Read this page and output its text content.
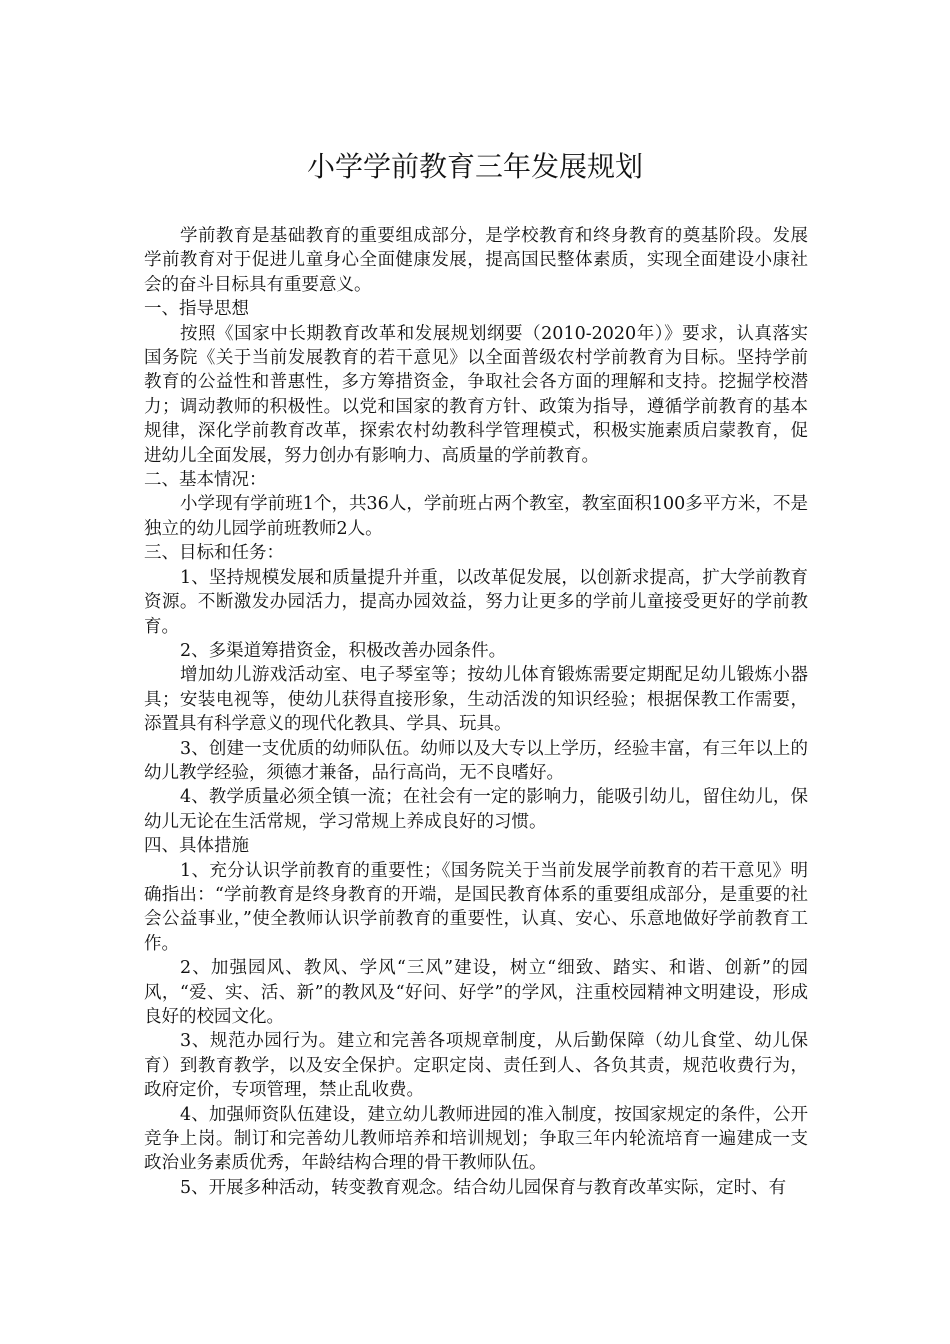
小学学前教育三年发展规划

学前教育是基础教育的重要组成部分，是学校教育和终身教育的奠基阶段。发展学前教育对于促进儿童身心全面健康发展，提高国民整体素质，实现全面建设小康社会的奋斗目标具有重要意义。

一、指导思想

按照《国家中长期教育改革和发展规划纲要（2010-2020年）》要求，认真落实国务院《关于当前发展教育的若干意见》以全面普级农村学前教育为目标。坚持学前教育的公益性和普惠性，多方筹措资金，争取社会各方面的理解和支持。挖掘学校潜力；调动教师的积极性。以党和国家的教育方针、政策为指导，遵循学前教育的基本规律，深化学前教育改革，探索农村幼教科学管理模式，积极实施素质启蒙教育，促进幼儿全面发展，努力创办有影响力、高质量的学前教育。

二、基本情况：

小学现有学前班1个，共36人，学前班占两个教室，教室面积100多平方米，不是独立的幼儿园学前班教师2人。

三、目标和任务：

1、坚持规模发展和质量提升并重，以改革促发展，以创新求提高，扩大学前教育资源。不断激发办园活力，提高办园效益，努力让更多的学前儿童接受更好的学前教育。

2、多渠道筹措资金，积极改善办园条件。

增加幼儿游戏活动室、电子琴室等；按幼儿体育锻炼需要定期配足幼儿锻炼小器具；安装电视等，使幼儿获得直接形象，生动活泼的知识经验；根据保教工作需要，添置具有科学意义的现代化教具、学具、玩具。

3、创建一支优质的幼师队伍。幼师以及大专以上学历，经验丰富，有三年以上的幼儿教学经验，须德才兼备，品行高尚，无不良嗜好。

4、教学质量必须全镇一流；在社会有一定的影响力，能吸引幼儿，留住幼儿，保幼儿无论在生活常规，学习常规上养成良好的习惯。

四、具体措施

1、充分认识学前教育的重要性；《国务院关于当前发展学前教育的若干意见》明确指出：“学前教育是终身教育的开端，是国民教育体系的重要组成部分，是重要的社会公益事业，”使全教师认识学前教育的重要性，认真、安心、乐意地做好学前教育工作。

2、加强园风、教风、学风“三风”建设，树立“细致、踏实、和谐、创新”的园风，“爱、实、活、新”的教风及“好问、好学”的学风，注重校园精神文明建设，形成良好的校园文化。

3、规范办园行为。建立和完善各项规章制度，从后勤保障（幼儿食堂、幼儿保育）到教育教学，以及安全保护。定职定岗、责任到人、各负其责，规范收费行为，政府定价，专项管理，禁止乱收费。

4、加强师资队伍建设，建立幼儿教师进园的准入制度，按国家规定的条件，公开竞争上岗。制订和完善幼儿教师培养和培训规划；争取三年内轮流培育一遍建成一支政治业务素质优秀，年龄结构合理的骨干教师队伍。

5、开展多种活动，转变教育观念。结合幼儿园保育与教育改革实际，定时、有
